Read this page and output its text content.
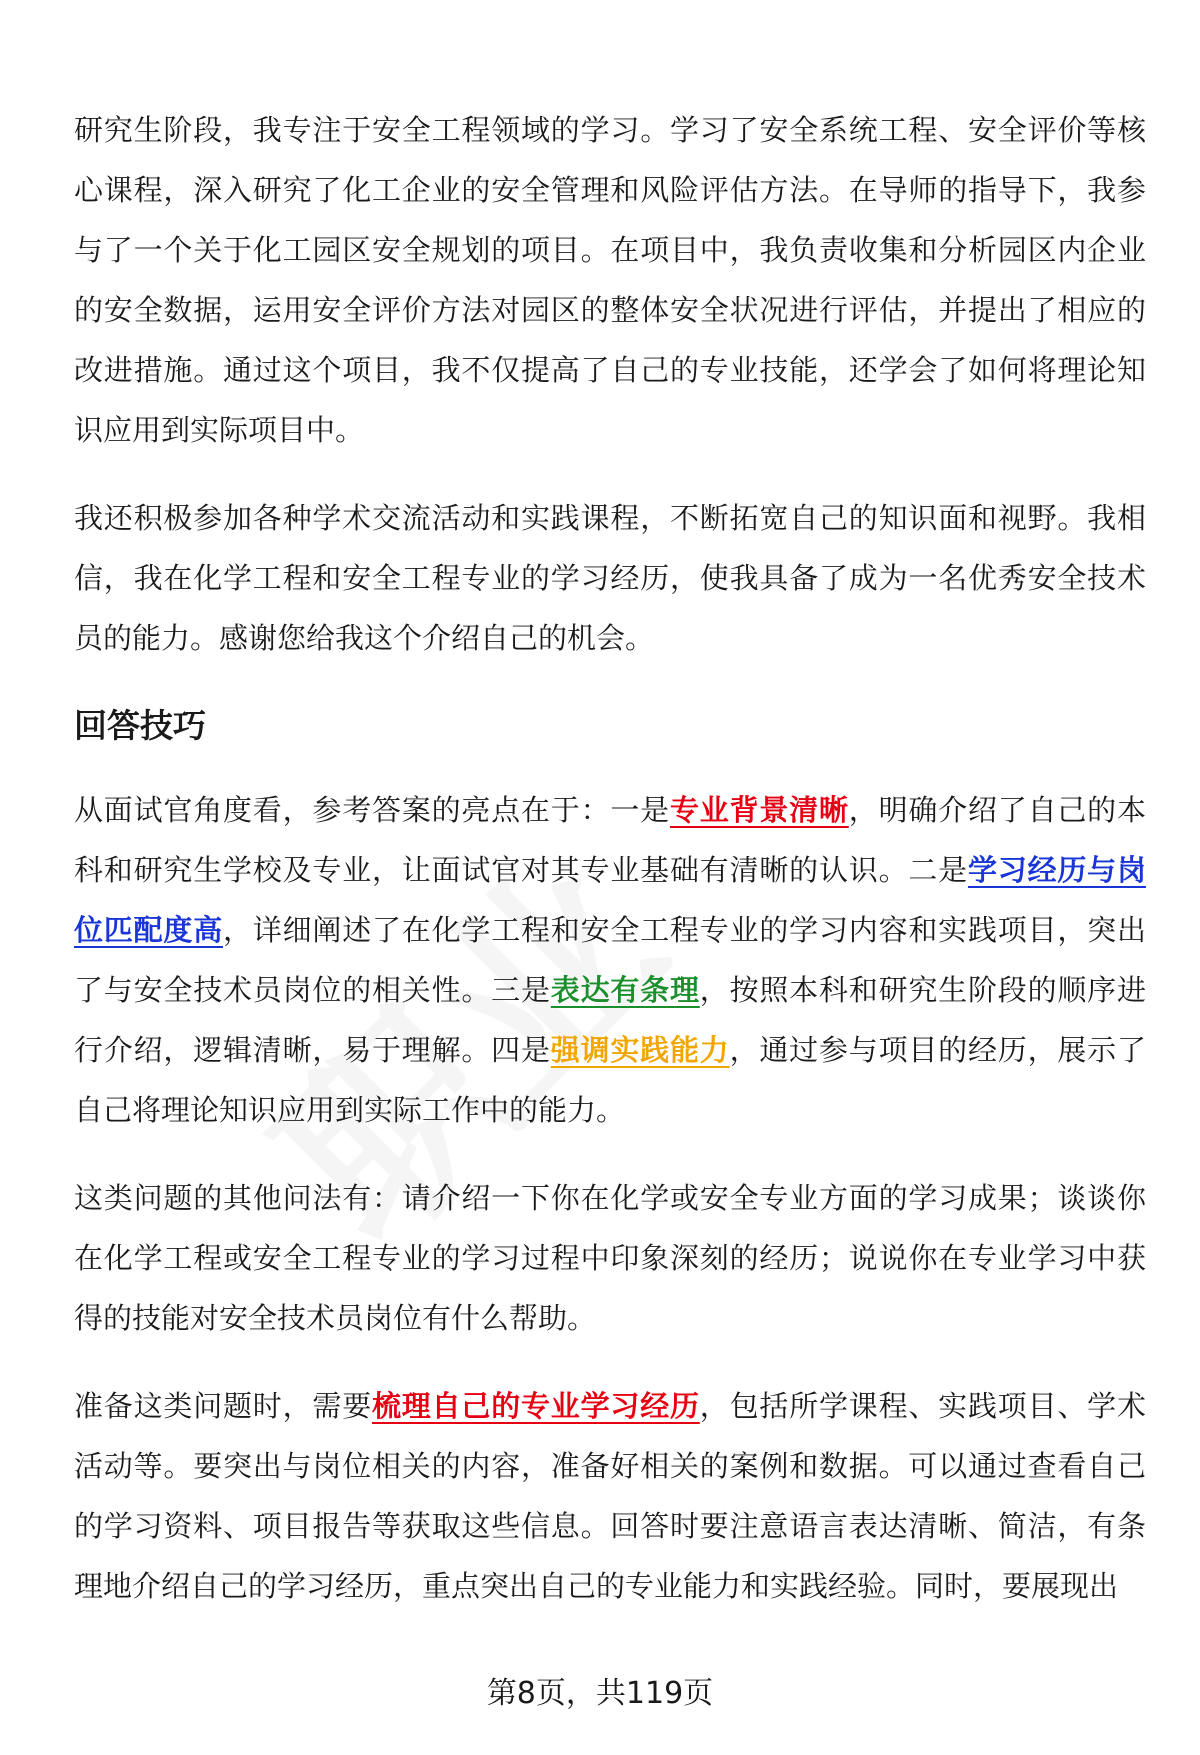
研究生阶段，我专注于安全工程领域的学习。学习了安全系统工程、安全评价等核心课程，深入研究了化工企业的安全管理和风险评估方法。在导师的指导下，我参与了一个关于化工园区安全规划的项目。在项目中，我负责收集和分析园区内企业的安全数据，运用安全评价方法对园区的整体安全状况进行评估，并提出了相应的改进措施。通过这个项目，我不仅提高了自己的专业技能，还学会了如何将理论知识应用到实际项目中。

我还积极参加各种学术交流活动和实践课程，不断拓宽自己的知识面和视野。我相信，我在化学工程和安全工程专业的学习经历，使我具备了成为一名优秀安全技术员的能力。感谢您给我这个介绍自己的机会。

回答技巧

从面试官角度看，参考答案的亮点在于：一是专业背景清晰，明确介绍了自己的本科和研究生学校及专业，让面试官对其专业基础有清晰的认识。二是学习经历与岗位匹配度高，详细阐述了在化学工程和安全工程专业的学习内容和实践项目，突出了与安全技术员岗位的相关性。三是表达有条理，按照本科和研究生阶段的顺序进行介绍，逻辑清晰，易于理解。四是强调实践能力，通过参与项目的经历，展示了自己将理论知识应用到实际工作中的能力。

这类问题的其他问法有：请介绍一下你在化学或安全专业方面的学习成果；谈谈你在化学工程或安全工程专业的学习过程中印象深刻的经历；说说你在专业学习中获得的技能对安全技术员岗位有什么帮助。

准备这类问题时，需要梳理自己的专业学习经历，包括所学课程、实践项目、学术活动等。要突出与岗位相关的内容，准备好相关的案例和数据。可以通过查看自己的学习资料、项目报告等获取这些信息。回答时要注意语言表达清晰、简洁，有条理地介绍自己的学习经历，重点突出自己的专业能力和实践经验。同时，要展现出

第8页，共119页
